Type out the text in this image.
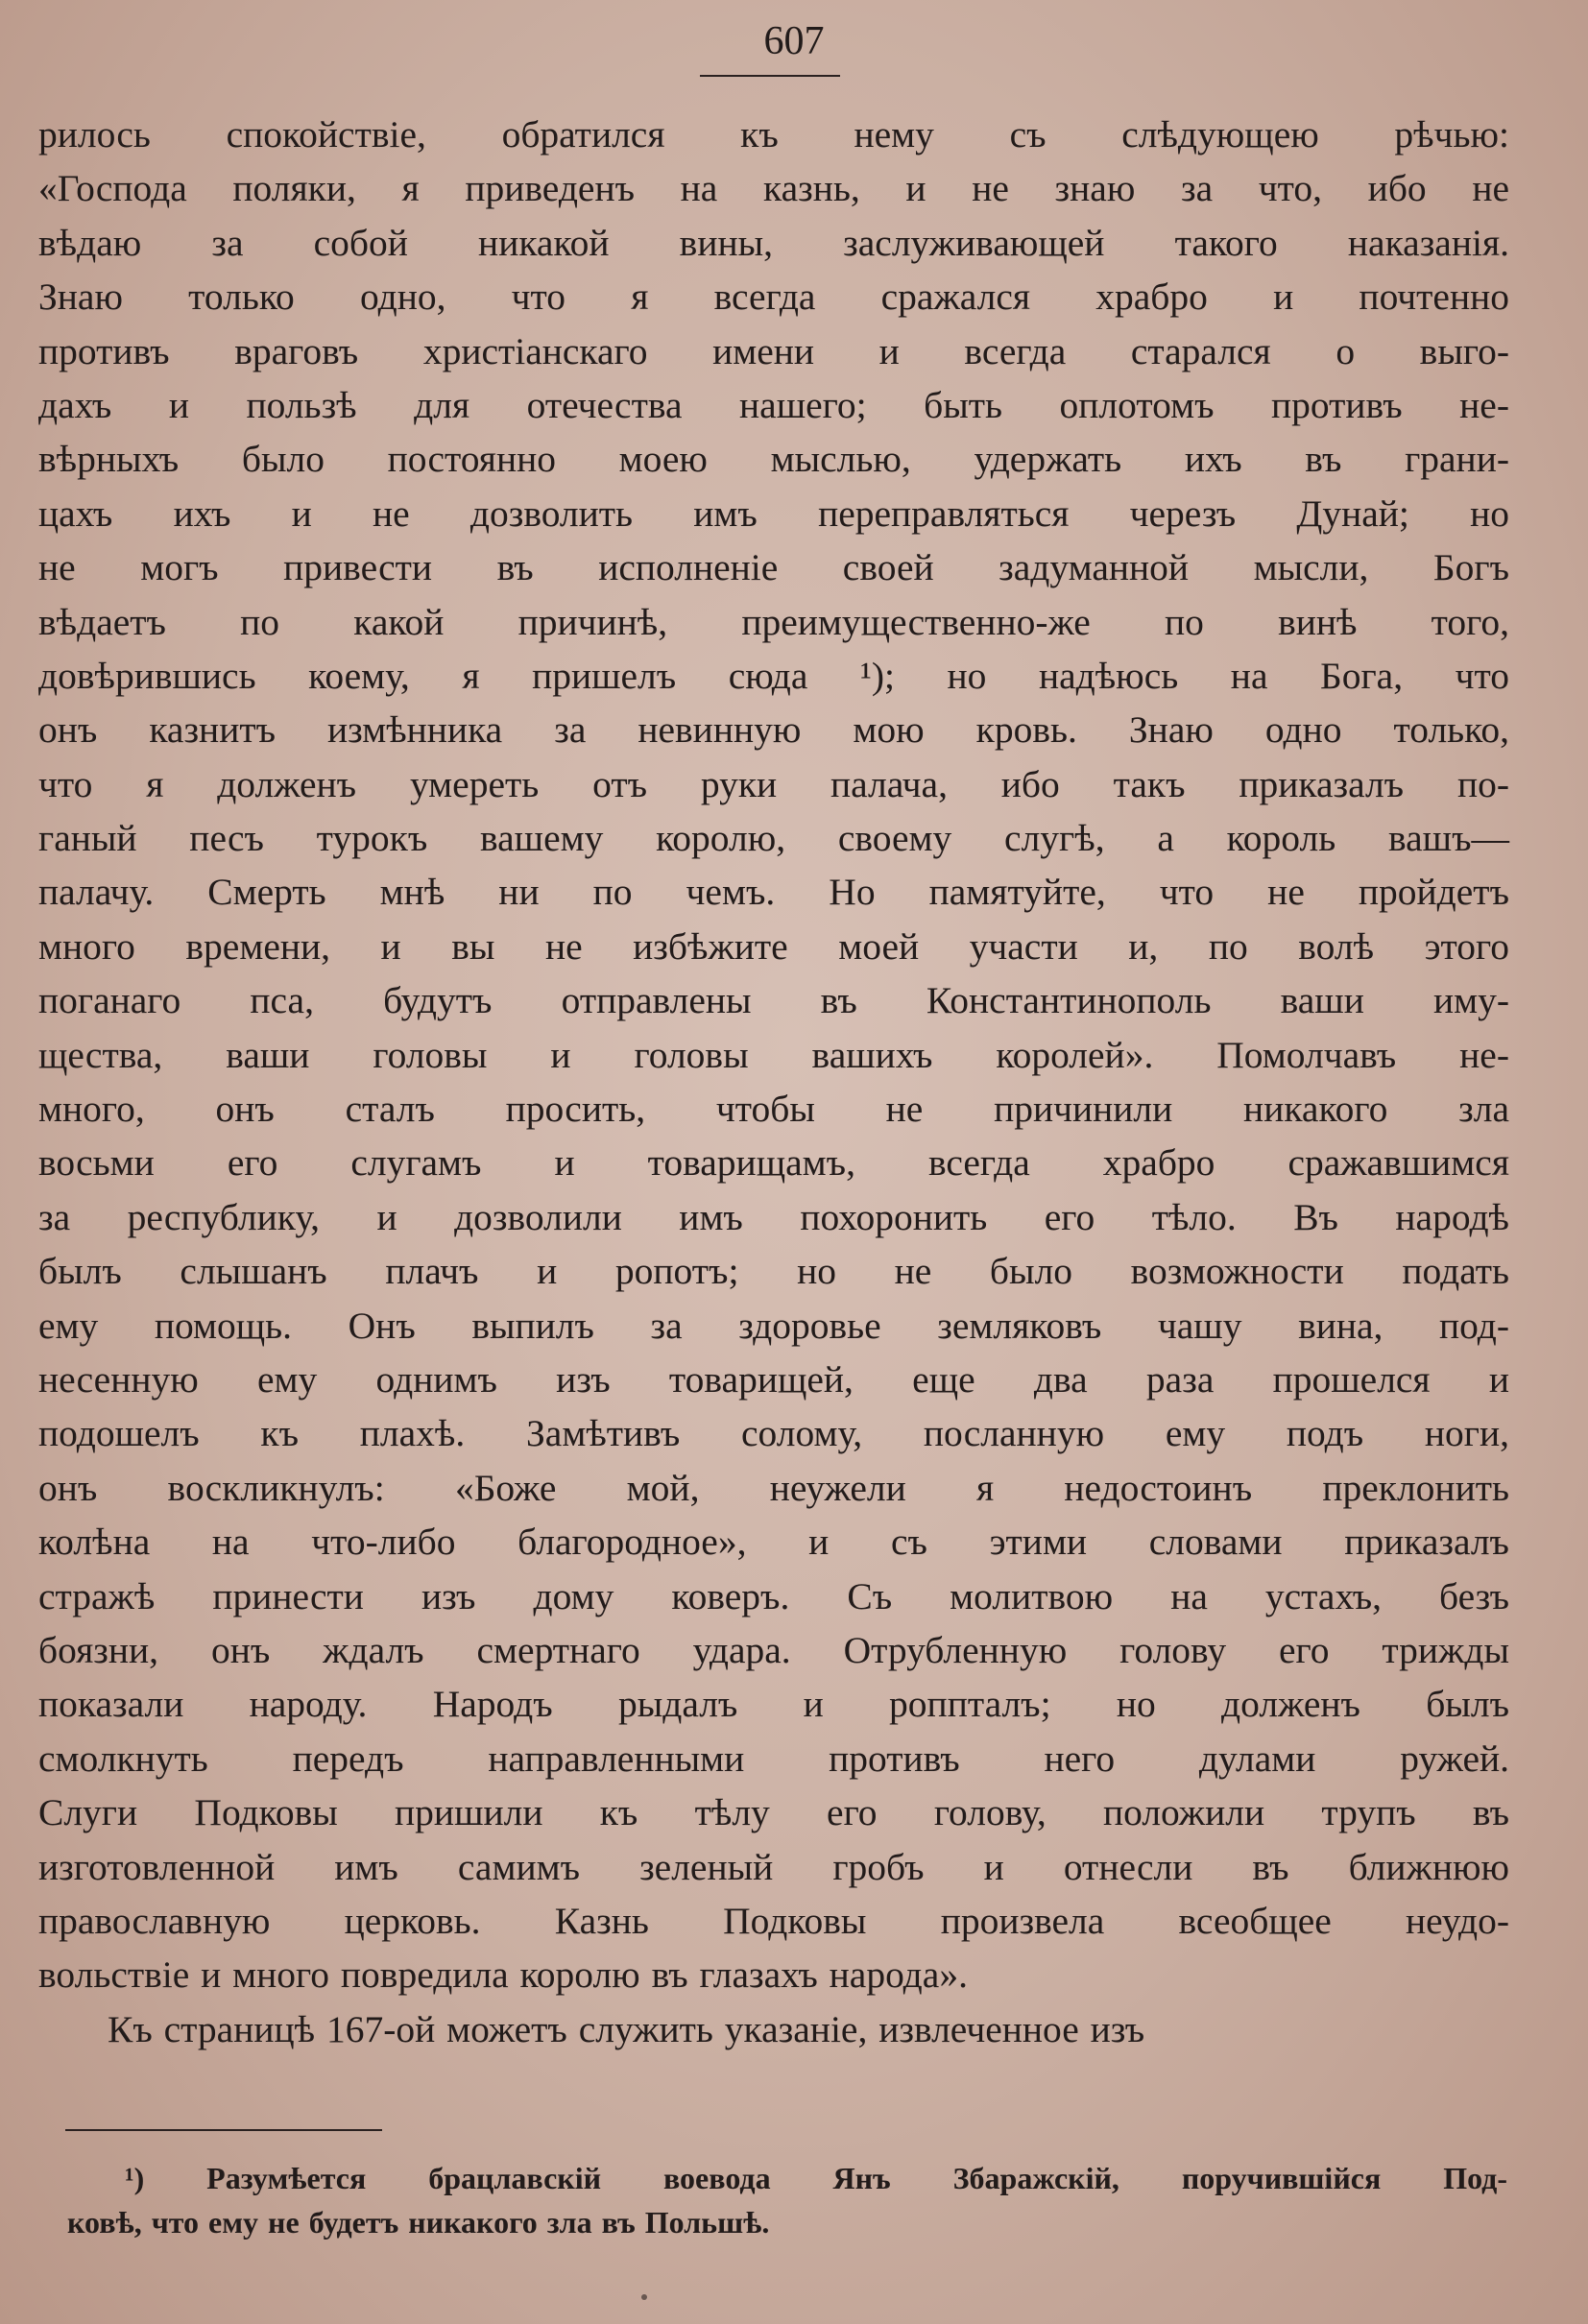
607
рилось спокойствіе, обратился къ нему съ слѣдующею рѣчью:
«Господа поляки, я приведенъ на казнь, и не знаю за что, ибо не
вѣдаю за собой никакой вины, заслуживающей такого наказанія.
Знаю только одно, что я всегда сражался храбро и почтенно
противъ враговъ христіанскаго имени и всегда старался о выго-
дахъ и пользѣ для отечества нашего; быть оплотомъ противъ не-
вѣрныхъ было постоянно моею мыслью, удержать ихъ въ грани-
цахъ ихъ и не дозволить имъ переправляться черезъ Дунай; но
не могъ привести въ исполненіе своей задуманной мысли, Богъ
вѣдаетъ по какой причинѣ, преимущественно-же по винѣ того,
довѣрившись коему, я пришелъ сюда ¹); но надѣюсь на Бога, что
онъ казнитъ измѣнника за невинную мою кровь. Знаю одно только,
что я долженъ умереть отъ руки палача, ибо такъ приказалъ по-
ганый песъ турокъ вашему королю, своему слугѣ, а король вашъ—
палачу. Смерть мнѣ ни по чемъ. Но памятуйте, что не пройдетъ
много времени, и вы не избѣжите моей участи и, по волѣ этого
поганаго пса, будутъ отправлены въ Константинополь ваши иму-
щества, ваши головы и головы вашихъ королей». Помолчавъ не-
много, онъ сталъ просить, чтобы не причинили никакого зла
восьми его слугамъ и товарищамъ, всегда храбро сражавшимся
за республику, и дозволили имъ похоронить его тѣло. Въ народѣ
былъ слышанъ плачъ и ропотъ; но не было возможности подать
ему помощь. Онъ выпилъ за здоровье земляковъ чашу вина, под-
несенную ему однимъ изъ товарищей, еще два раза прошелся и
подошелъ къ плахѣ. Замѣтивъ солому, посланную ему подъ ноги,
онъ воскликнулъ: «Боже мой, неужели я недостоинъ преклонить
колѣна на что-либо благородное», и съ этими словами приказалъ
стражѣ принести изъ дому коверъ. Съ молитвою на устахъ, безъ
боязни, онъ ждалъ смертнаго удара. Отрубленную голову его трижды
показали народу. Народъ рыдалъ и роппталъ; но долженъ былъ
смолкнуть передъ направленными противъ него дулами ружей.
Слуги Подковы пришили къ тѣлу его голову, положили трупъ въ
изготовленной имъ самимъ зеленый гробъ и отнесли въ ближнюю
православную церковь. Казнь Подковы произвела всеобщее неудо-
вольствіе и много повредила королю въ глазахъ народа».
Къ страницѣ 167-ой можетъ служить указаніе, извлеченное изъ
¹) Разумѣется брацлавскій воевода Янъ Збаражскій, поручившійся Под-
ковѣ, что ему не будетъ никакого зла въ Польшѣ.
